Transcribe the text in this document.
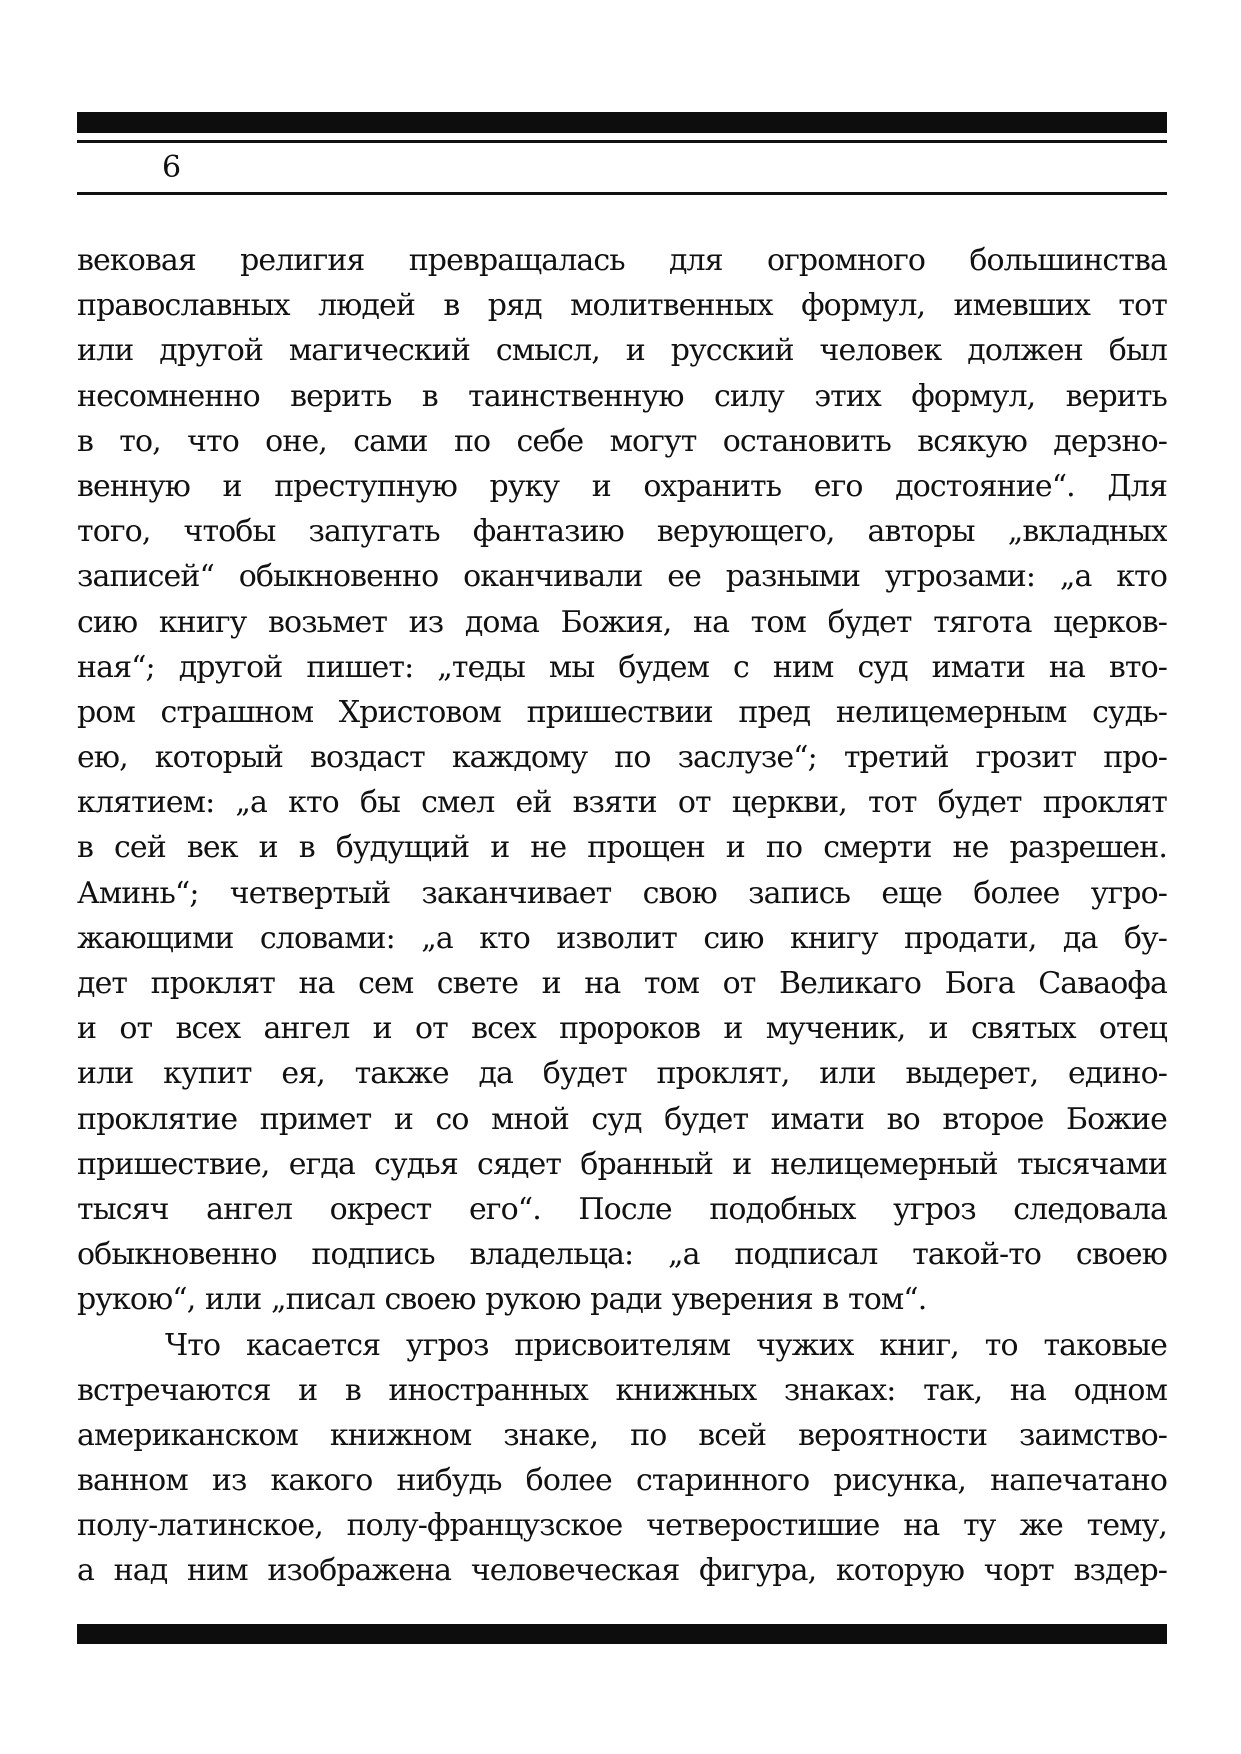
6
вековая религия превращалась для огромного большинства
православных людей в ряд молитвенных формул, имевших тот
или другой магический смысл, и русский человек должен был
несомненно верить в таинственную силу этих формул, верить
в то, что оне, сами по себе могут остановить всякую дерзно-
венную и преступную руку и охранить его достояние“. Для
того, чтобы запугать фантазию верующего, авторы „вкладных
записей“ обыкновенно оканчивали ее разными угрозами: „а кто
сию книгу возьмет из дома Божия, на том будет тягота церков-
ная“; другой пишет: „теды мы будем с ним суд имати на вто-
ром страшном Христовом пришествии пред нелицемерным судь-
ею, который воздаст каждому по заслузе“; третий грозит про-
клятием: „а кто бы смел ей взяти от церкви, тот будет проклят
в сей век и в будущий и не прощен и по смерти не разрешен.
Аминь“; четвертый заканчивает свою запись еще более угро-
жающими словами: „а кто изволит сию книгу продати, да бу-
дет проклят на сем свете и на том от Великаго Бога Саваофа
и от всех ангел и от всех пророков и мученик, и святых отец
или купит ея, также да будет проклят, или выдерет, едино-
проклятие примет и со мной суд будет имати во второе Божие
пришествие, егда судья сядет бранный и нелицемерный тысячами
тысяч ангел окрест его“. После подобных угроз следовала
обыкновенно подпись владельца: „а подписал такой-то своею
рукою“, или „писал своею рукою ради уверения в том“.
Что касается угроз присвоителям чужих книг, то таковые
встречаются и в иностранных книжных знаках: так, на одном
американском книжном знаке, по всей вероятности заимство-
ванном из какого нибудь более старинного рисунка, напечатано
полу-латинское, полу-французское четверостишие на ту же тему,
а над ним изображена человеческая фигура, которую чорт вздер-
